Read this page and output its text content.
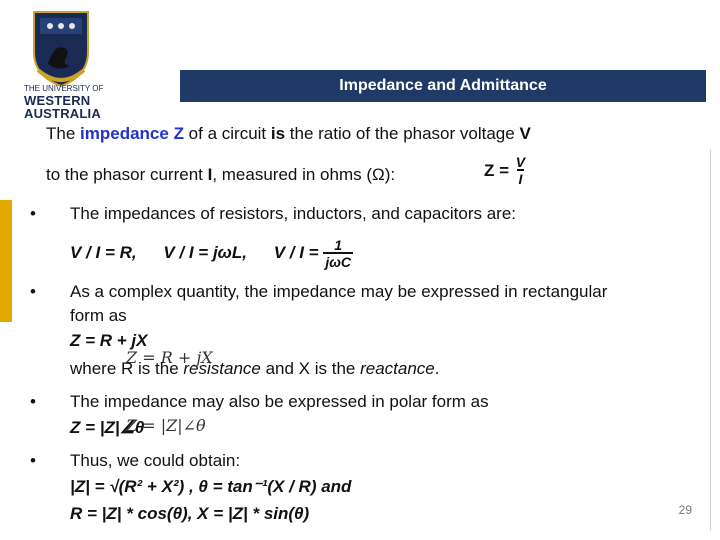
THE UNIVERSITY OF
WESTERN
AUSTRALIA
Impedance and Admittance
The impedance Z of a circuit is the ratio of the phasor voltage V
to the phasor current I, measured in ohms (Ω):	$Z = \frac{V}{I}$
• The impedances of resistors, inductors, and capacitors are:
V / I = R, V / I = jωL, $V / I = \frac{1}{\text{jωC}}$
• As a complex quantity, the impedance may be expressed in rectangular
form as
Z = R + jX
Z = R + jX
where R is the resistance and X is the reactance.
• The impedance may also be expressed in polar form as
Z = |Z|∠θ
Z = |Z|∠θ
• Thus, we could obtain:
|Z| = √(R² + X²) , θ = tan⁻¹(X / R) and
R = |Z| * cos(θ), X = |Z| * sin(θ)	29
